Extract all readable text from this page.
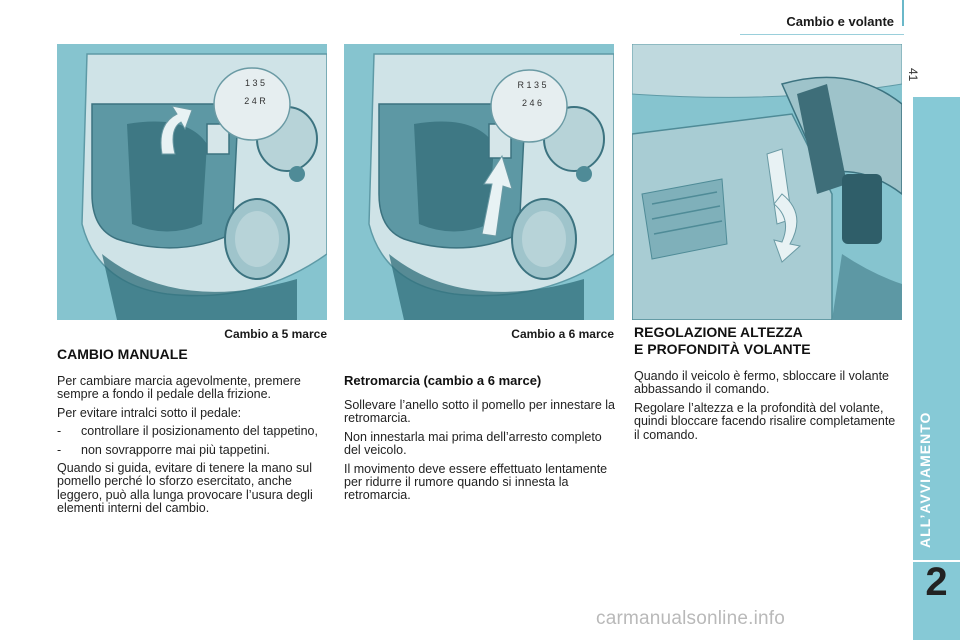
Cambio e volante
41
ALL’AVVIAMENTO
2
1 3 5
2 4 R
Cambio a 5 marce
R 1 3 5
2 4 6
Cambio a 6 marce
CAMBIO MANUALE

Per cambiare marcia agevolmente, premere sempre a fondo il pedale della frizione.

Per evitare intralci sotto il pedale:

-	controllare il posizionamento del tappetino,
-	non sovrapporre mai più tappetini.

Quando si guida, evitare di tenere la mano sul pomello perché lo sforzo esercitato, anche leggero, può alla lunga provocare l’usura degli elementi interni del cambio.

Retromarcia (cambio a 6 marce)

Sollevare l’anello sotto il pomello per innestare la retromarcia.

Non innestarla mai prima dell’arresto completo del veicolo.

Il movimento deve essere effettuato lentamente per ridurre il rumore quando si innesta la retromarcia.

REGOLAZIONE ALTEZZA
E PROFONDITÀ VOLANTE

Quando il veicolo è fermo, sbloccare il volante abbassando il comando.

Regolare l’altezza e la profondità del volante, quindi bloccare facendo risalire completamente il comando.

carmanualsonline.info
